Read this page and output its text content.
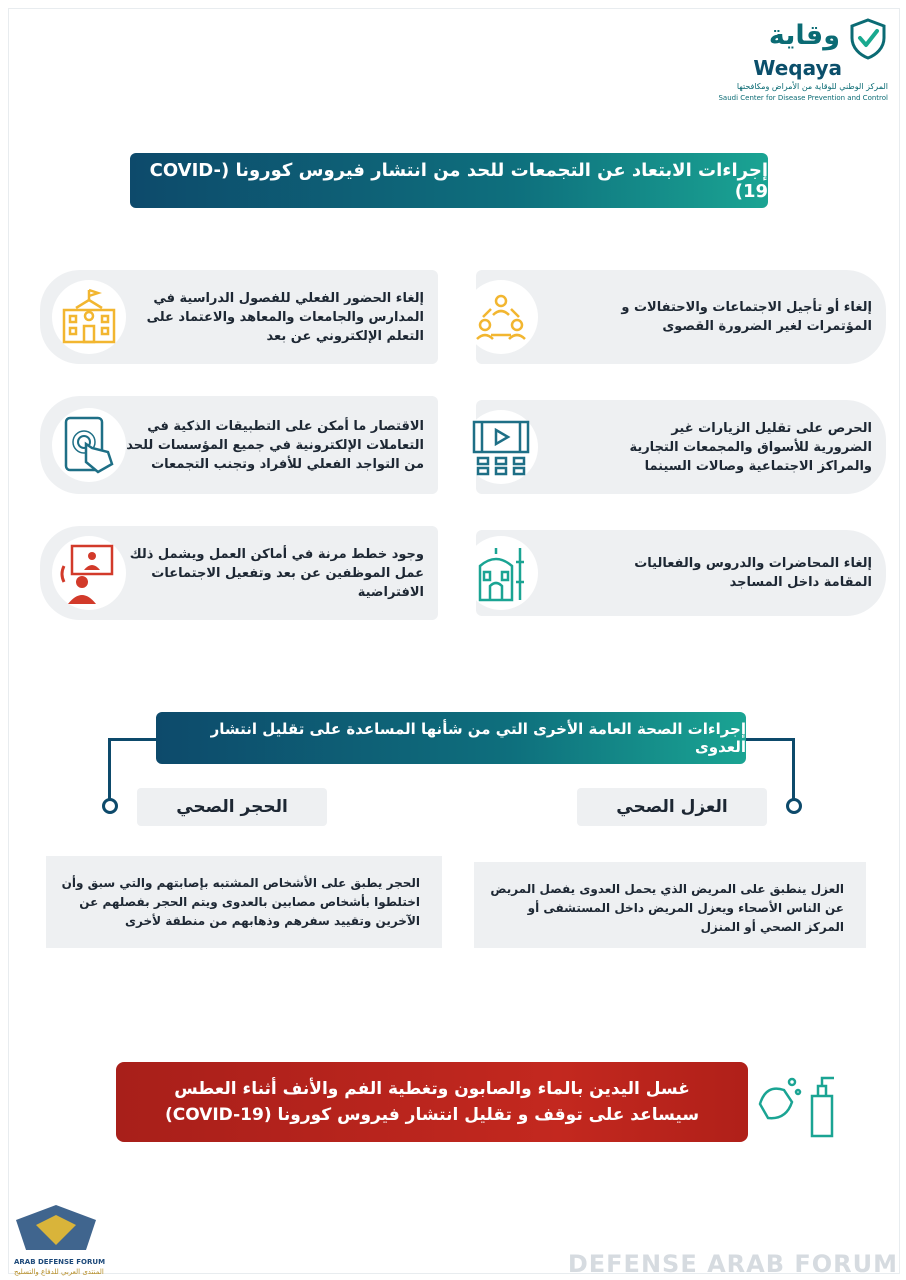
وقاية
Weqaya
المركز الوطني للوقاية من الأمراض ومكافحتها
Saudi Center for Disease Prevention and Control
إجراءات الابتعاد عن التجمعات للحد من انتشار فيروس كورونا (COVID-19)
إلغاء أو تأجيل الاجتماعات والاحتفالات و المؤتمرات لغير الضرورة القصوى
إلغاء الحضور الفعلي للفصول الدراسية في المدارس والجامعات والمعاهد والاعتماد على التعلم الإلكتروني عن بعد
الحرص على تقليل الزيارات غير الضرورية للأسواق والمجمعات التجارية والمراكز الاجتماعية وصالات السينما
الاقتصار ما أمكن على التطبيقات الذكية في التعاملات الإلكترونية في جميع المؤسسات للحد من التواجد الفعلي للأفراد وتجنب التجمعات
إلغاء المحاضرات والدروس والفعاليات المقامة داخل المساجد
وجود خطط مرنة في أماكن العمل ويشمل ذلك عمل الموظفين عن بعد وتفعيل الاجتماعات الافتراضية
إجراءات الصحة العامة الأخرى التي من شأنها المساعدة على تقليل انتشار العدوى
العزل الصحي
الحجر الصحي
العزل ينطبق على المريض الذي يحمل العدوى يفصل المريض عن الناس الأصحاء ويعزل المريض داخل المستشفى أو المركز الصحي أو المنزل
الحجر يطبق على الأشخاص المشتبه بإصابتهم والتي سبق وأن اختلطوا بأشخاص مصابين بالعدوى ويتم الحجر بفصلهم عن الآخرين وتقييد سفرهم وذهابهم من منطقة لأخرى
غسل اليدين بالماء والصابون وتغطية الفم والأنف أثناء العطس
سيساعد على توقف و تقليل انتشار فيروس كورونا (COVID-19)
ARAB DEFENSE FORUM
المنتدى العربي للدفاع والتسليح	DEFENSE ARAB FORUM
